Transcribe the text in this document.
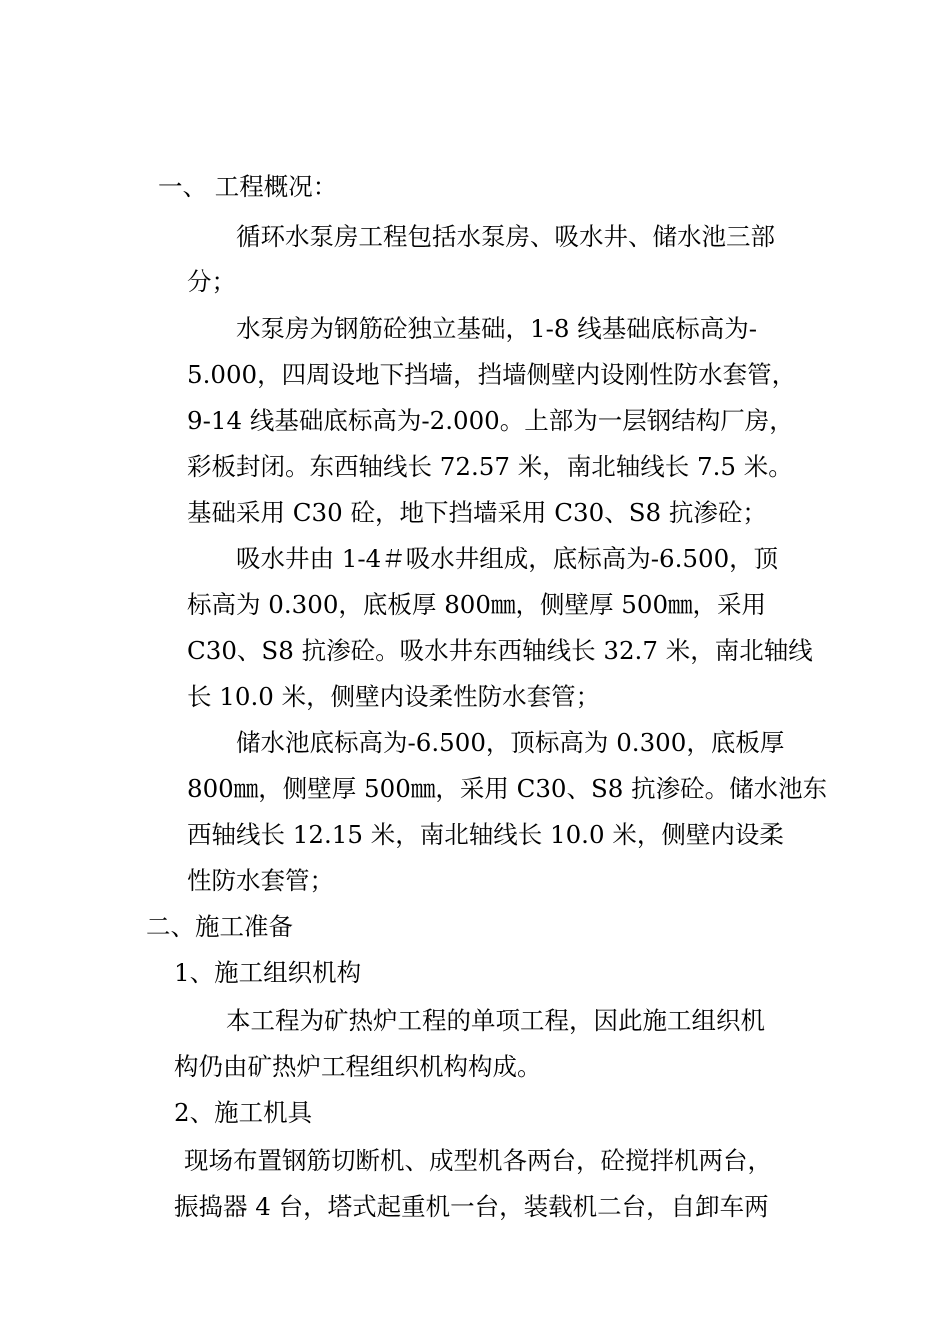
一、 工程概况：
循环水泵房工程包括水泵房、吸水井、储水池三部
分；
水泵房为钢筋砼独立基础，1-8 线基础底标高为-
5.000，四周设地下挡墙，挡墙侧壁内设刚性防水套管，
9-14 线基础底标高为-2.000。上部为一层钢结构厂房，
彩板封闭。东西轴线长 72.57 米，南北轴线长 7.5 米。
基础采用 C30 砼，地下挡墙采用 C30、S8 抗渗砼；
吸水井由 1-4＃吸水井组成，底标高为-6.500，顶
标高为 0.300，底板厚 800㎜，侧壁厚 500㎜，采用
C30、S8 抗渗砼。吸水井东西轴线长 32.7 米，南北轴线
长 10.0 米，侧壁内设柔性防水套管；
储水池底标高为-6.500，顶标高为 0.300，底板厚
800㎜，侧壁厚 500㎜，采用 C30、S8 抗渗砼。储水池东
西轴线长 12.15 米，南北轴线长 10.0 米，侧壁内设柔
性防水套管；
二、施工准备
1、施工组织机构
本工程为矿热炉工程的单项工程，因此施工组织机
构仍由矿热炉工程组织机构构成。
2、施工机具
现场布置钢筋切断机、成型机各两台，砼搅拌机两台，
振捣器 4 台，塔式起重机一台，装载机二台，自卸车两
